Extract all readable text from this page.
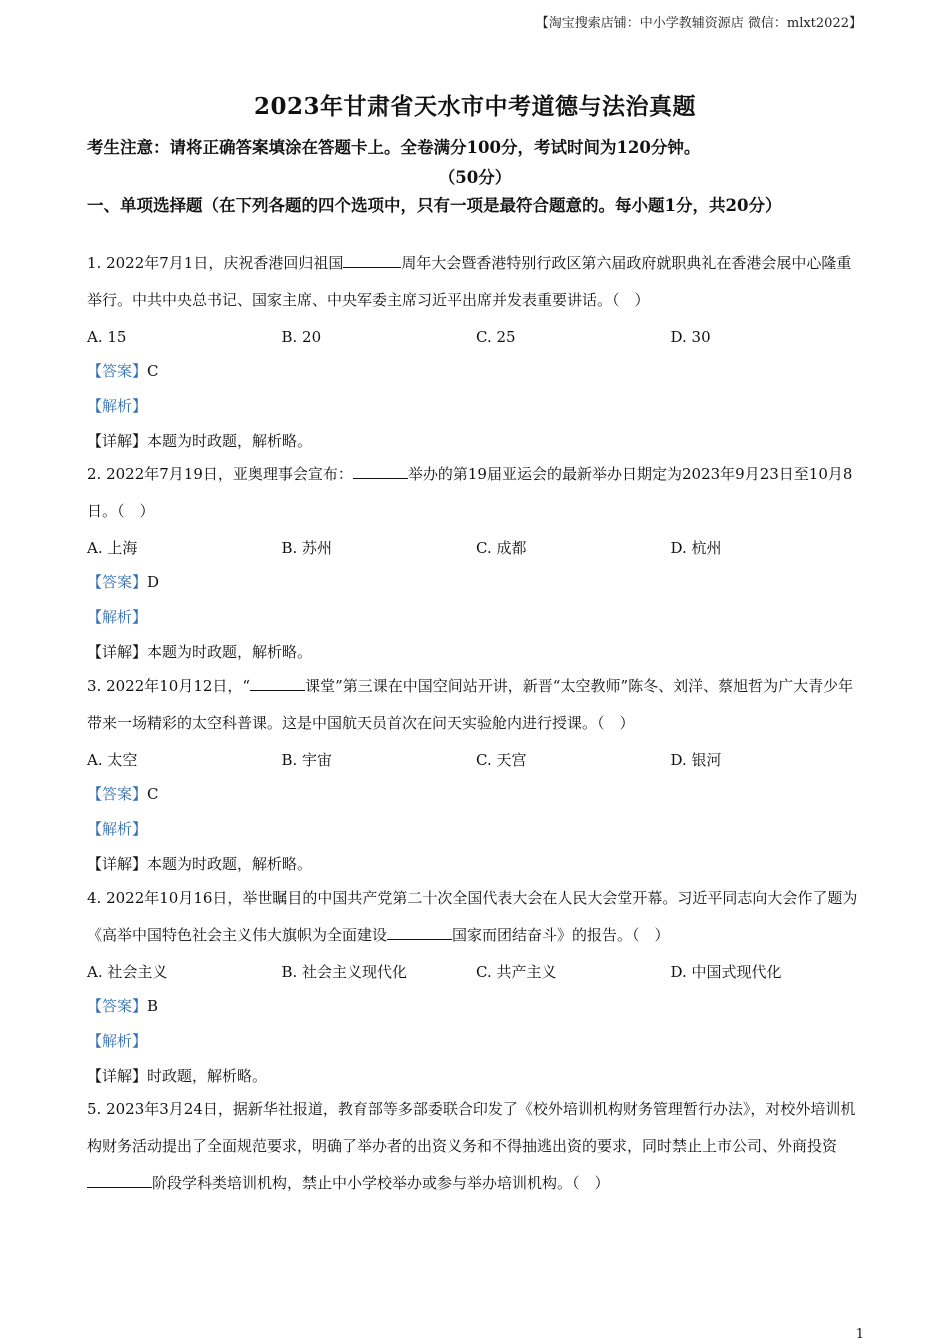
【淘宝搜索店铺：中小学教辅资源店 微信：mlxt2022】
2023年甘肃省天水市中考道德与法治真题
考生注意：请将正确答案填涂在答题卡上。全卷满分100分，考试时间为120分钟。
（50分）
一、单项选择题（在下列各题的四个选项中，只有一项是最符合题意的。每小题1分，共20分）
1. 2022年7月1日，庆祝香港回归祖国	周年大会暨香港特别行政区第六届政府就职典礼在香港会展中心隆重举行。中共中央总书记、国家主席、中央军委主席习近平出席并发表重要讲话。（　）
A. 15	B. 20	C. 25	D. 30
【答案】C
【解析】
【详解】本题为时政题，解析略。
2. 2022年7月19日，亚奥理事会宣布：	举办的第19届亚运会的最新举办日期定为2023年9月23日至10月8日。（　）
A. 上海	B. 苏州	C. 成都	D. 杭州
【答案】D
【解析】
【详解】本题为时政题，解析略。
3. 2022年10月12日，“	课堂”第三课在中国空间站开讲，新晋“太空教师”陈冬、刘洋、蔡旭哲为广大青少年带来一场精彩的太空科普课。这是中国航天员首次在问天实验舱内进行授课。（　）
A. 太空	B. 宇宙	C. 天宫	D. 银河
【答案】C
【解析】
【详解】本题为时政题，解析略。
4. 2022年10月16日，举世瞩目的中国共产党第二十次全国代表大会在人民大会堂开幕。习近平同志向大会作了题为《高举中国特色社会主义伟大旗帜为全面建设	国家而团结奋斗》的报告。（　）
A. 社会主义	B. 社会主义现代化	C. 共产主义	D. 中国式现代化
【答案】B
【解析】
【详解】时政题，解析略。
5. 2023年3月24日，据新华社报道，教育部等多部委联合印发了《校外培训机构财务管理暂行办法》，对校外培训机构财务活动提出了全面规范要求，明确了举办者的出资义务和不得抽逃出资的要求，同时禁止上市公司、外商投资阶段学科类培训机构，禁止中小学校举办或参与举办培训机构。（　）
1
